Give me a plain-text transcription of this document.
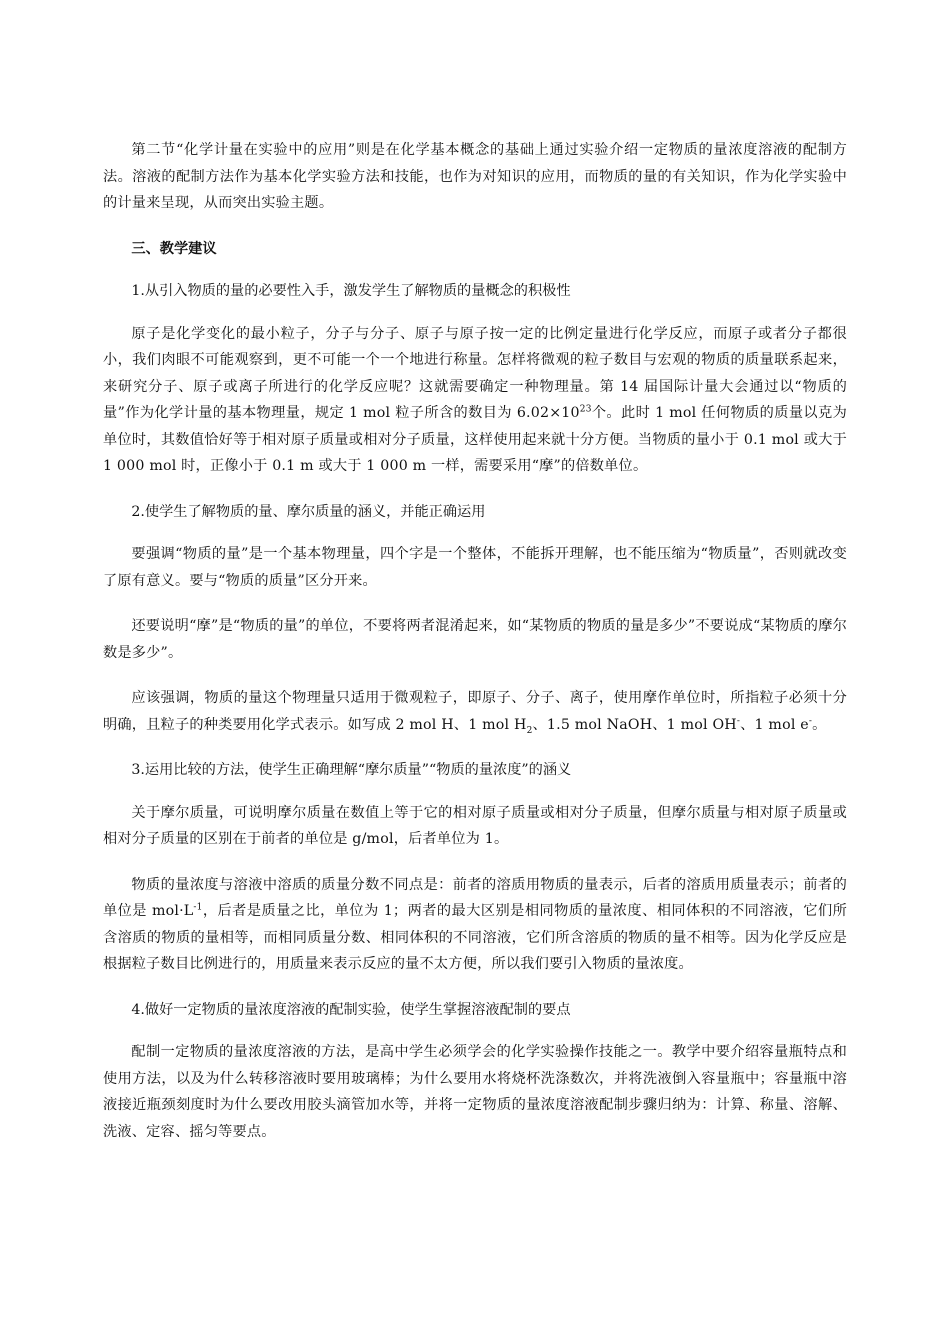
第二节“化学计量在实验中的应用”则是在化学基本概念的基础上通过实验介绍一定物质的量浓度溶液的配制方法。溶液的配制方法作为基本化学实验方法和技能，也作为对知识的应用，而物质的量的有关知识，作为化学实验中的计量来呈现，从而突出实验主题。

三、教学建议

1.从引入物质的量的必要性入手，激发学生了解物质的量概念的积极性

原子是化学变化的最小粒子，分子与分子、原子与原子按一定的比例定量进行化学反应，而原子或者分子都很小，我们肉眼不可能观察到，更不可能一个一个地进行称量。怎样将微观的粒子数目与宏观的物质的质量联系起来，来研究分子、原子或离子所进行的化学反应呢？这就需要确定一种物理量。第 14 届国际计量大会通过以“物质的量”作为化学计量的基本物理量，规定 1 mol 粒子所含的数目为 $6.02\times 10^{23}$个。此时 1 mol 任何物质的质量以克为单位时，其数值恰好等于相对原子质量或相对分子质量，这样使用起来就十分方便。当物质的量小于 0.1 mol 或大于 1 000 mol 时，正像小于 0.1 m 或大于 1 000 m 一样，需要采用“摩”的倍数单位。

2.使学生了解物质的量、摩尔质量的涵义，并能正确运用

要强调“物质的量”是一个基本物理量，四个字是一个整体，不能拆开理解，也不能压缩为“物质量”，否则就改变了原有意义。要与“物质的质量”区分开来。

还要说明“摩”是“物质的量”的单位，不要将两者混淆起来，如“某物质的物质的量是多少”不要说成“某物质的摩尔数是多少”。

应该强调，物质的量这个物理量只适用于微观粒子，即原子、分子、离子，使用摩作单位时，所指粒子必须十分明确，且粒子的种类要用化学式表示。如写成 2 mol H、1 mol $H_2$、1.5 mol NaOH、1 mol OH-、1 mol e-。

3.运用比较的方法，使学生正确理解“摩尔质量”“物质的量浓度”的涵义

关于摩尔质量，可说明摩尔质量在数值上等于它的相对原子质量或相对分子质量，但摩尔质量与相对原子质量或相对分子质量的区别在于前者的单位是 g/mol，后者单位为 1。

物质的量浓度与溶液中溶质的质量分数不同点是：前者的溶质用物质的量表示，后者的溶质用质量表示；前者的单位是 $mol\cdot L^{-1}$，后者是质量之比，单位为 1；两者的最大区别是相同物质的量浓度、相同体积的不同溶液，它们所含溶质的物质的量相等，而相同质量分数、相同体积的不同溶液，它们所含溶质的物质的量不相等。因为化学反应是根据粒子数目比例进行的，用质量来表示反应的量不太方便，所以我们要引入物质的量浓度。

4.做好一定物质的量浓度溶液的配制实验，使学生掌握溶液配制的要点

配制一定物质的量浓度溶液的方法，是高中学生必须学会的化学实验操作技能之一。教学中要介绍容量瓶特点和使用方法，以及为什么转移溶液时要用玻璃棒；为什么要用水将烧杯洗涤数次，并将洗液倒入容量瓶中；容量瓶中溶液接近瓶颈刻度时为什么要改用胶头滴管加水等，并将一定物质的量浓度溶液配制步骤归纳为：计算、称量、溶解、洗液、定容、摇匀等要点。
